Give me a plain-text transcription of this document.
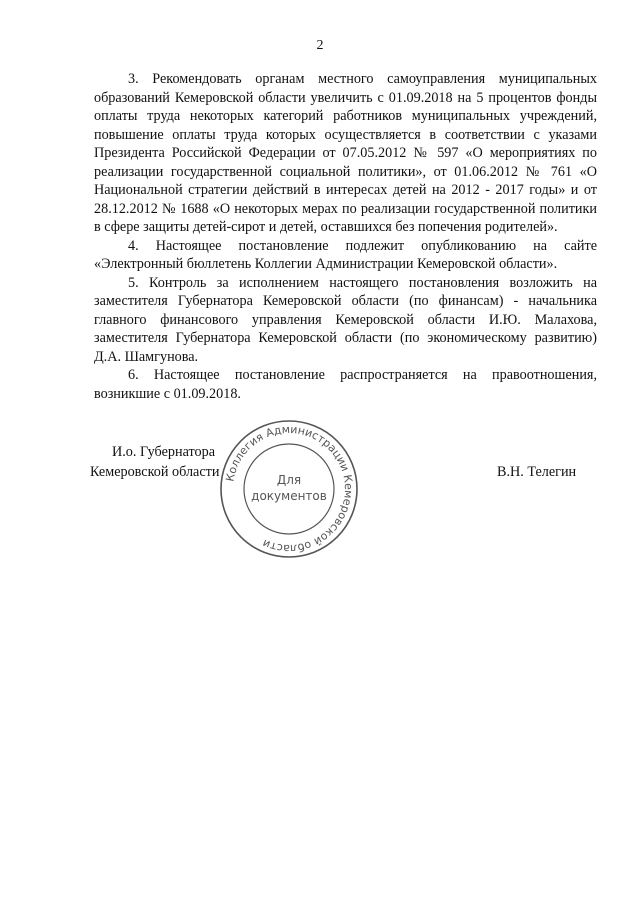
2

3. Рекомендовать органам местного самоуправления муниципальных образований Кемеровской области увеличить с 01.09.2018 на 5 процентов фонды оплаты труда некоторых категорий работников муниципальных учреждений, повышение оплаты труда которых осуществляется в соответствии с указами Президента Российской Федерации от 07.05.2012 № 597 «О мероприятиях по реализации государственной социальной политики», от 01.06.2012 № 761 «О Национальной стратегии действий в интересах детей на 2012 - 2017 годы» и от 28.12.2012 № 1688 «О некоторых мерах по реализации государственной политики в сфере защиты детей-сирот и детей, оставшихся без попечения родителей».

4. Настоящее постановление подлежит опубликованию на сайте «Электронный бюллетень Коллегии Администрации Кемеровской области».

5. Контроль за исполнением настоящего постановления возложить на заместителя Губернатора Кемеровской области (по финансам) - начальника главного финансового управления Кемеровской области И.Ю. Малахова, заместителя Губернатора Кемеровской области (по экономическому развитию) Д.А. Шамгунова.

6. Настоящее постановление распространяется на правоотношения, возникшие с 01.09.2018.

И.о. Губернатора
Кемеровской области	В.Н. Телегин
Коллегия Администрации Кемеровской области
Для
документов
